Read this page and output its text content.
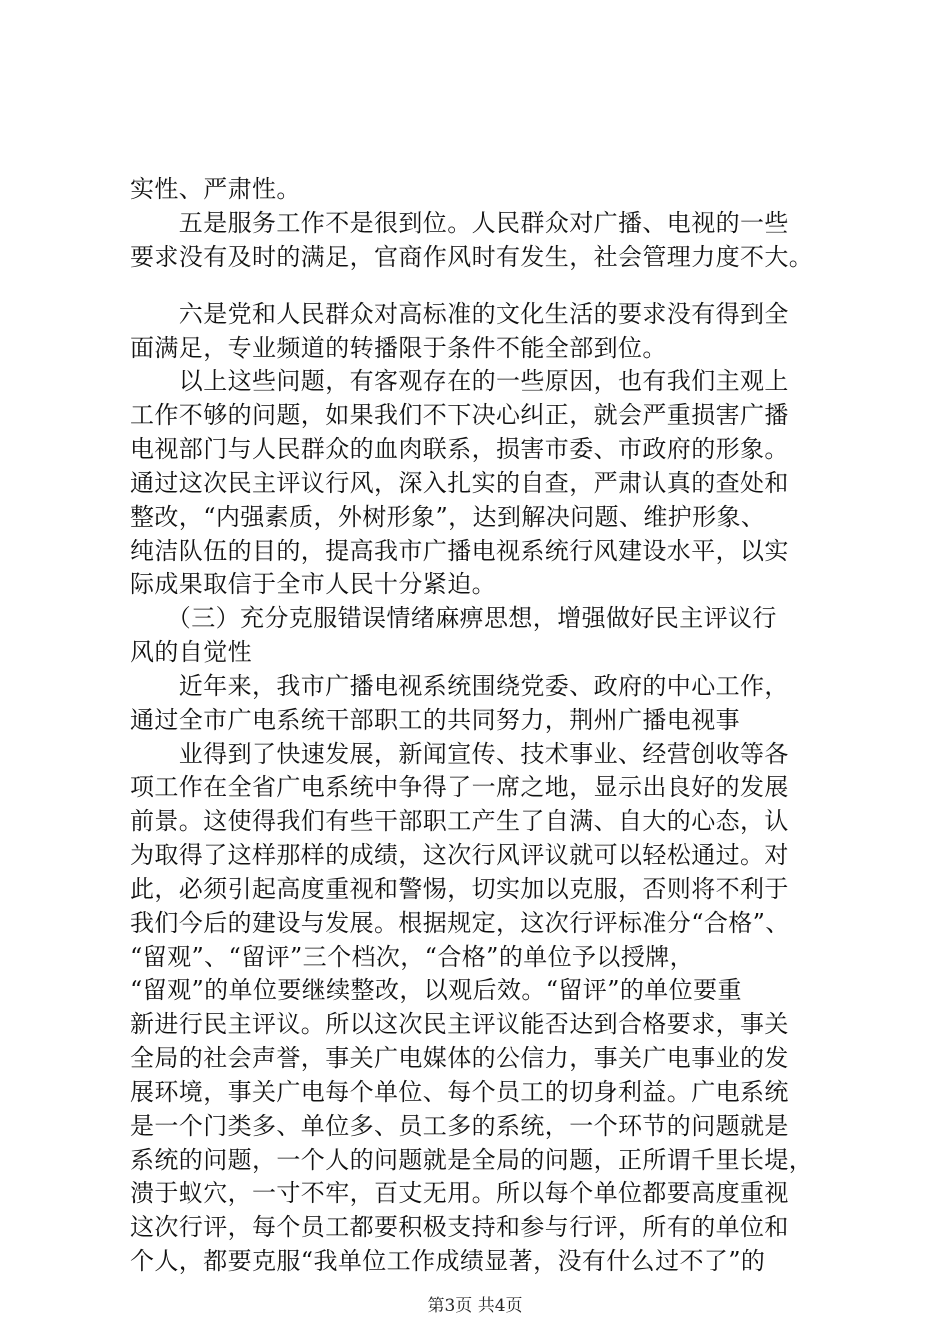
实性、严肃性。
　　五是服务工作不是很到位。人民群众对广播、电视的一些
要求没有及时的满足，官商作风时有发生，社会管理力度不大。
　　六是党和人民群众对高标准的文化生活的要求没有得到全
面满足，专业频道的转播限于条件不能全部到位。
　　以上这些问题，有客观存在的一些原因，也有我们主观上
工作不够的问题，如果我们不下决心纠正，就会严重损害广播
电视部门与人民群众的血肉联系，损害市委、市政府的形象。
通过这次民主评议行风，深入扎实的自查，严肃认真的查处和
整改，“内强素质，外树形象”，达到解决问题、维护形象、
纯洁队伍的目的，提高我市广播电视系统行风建设水平，以实
际成果取信于全市人民十分紧迫。
　　（三）充分克服错误情绪麻痹思想，增强做好民主评议行
风的自觉性
　　近年来，我市广播电视系统围绕党委、政府的中心工作，
通过全市广电系统干部职工的共同努力，荆州广播电视事
　　业得到了快速发展，新闻宣传、技术事业、经营创收等各
项工作在全省广电系统中争得了一席之地，显示出良好的发展
前景。这使得我们有些干部职工产生了自满、自大的心态，认
为取得了这样那样的成绩，这次行风评议就可以轻松通过。对
此，必须引起高度重视和警惕，切实加以克服，否则将不利于
我们今后的建设与发展。根据规定，这次行评标准分“合格”、
“留观”、“留评”三个档次，“合格”的单位予以授牌，
“留观”的单位要继续整改，以观后效。“留评”的单位要重
新进行民主评议。所以这次民主评议能否达到合格要求，事关
全局的社会声誉，事关广电媒体的公信力，事关广电事业的发
展环境，事关广电每个单位、每个员工的切身利益。广电系统
是一个门类多、单位多、员工多的系统，一个环节的问题就是
系统的问题，一个人的问题就是全局的问题，正所谓千里长堤，
溃于蚁穴，一寸不牢，百丈无用。所以每个单位都要高度重视
这次行评，每个员工都要积极支持和参与行评，所有的单位和
个人，都要克服“我单位工作成绩显著，没有什么过不了”的
第3页 共4页
